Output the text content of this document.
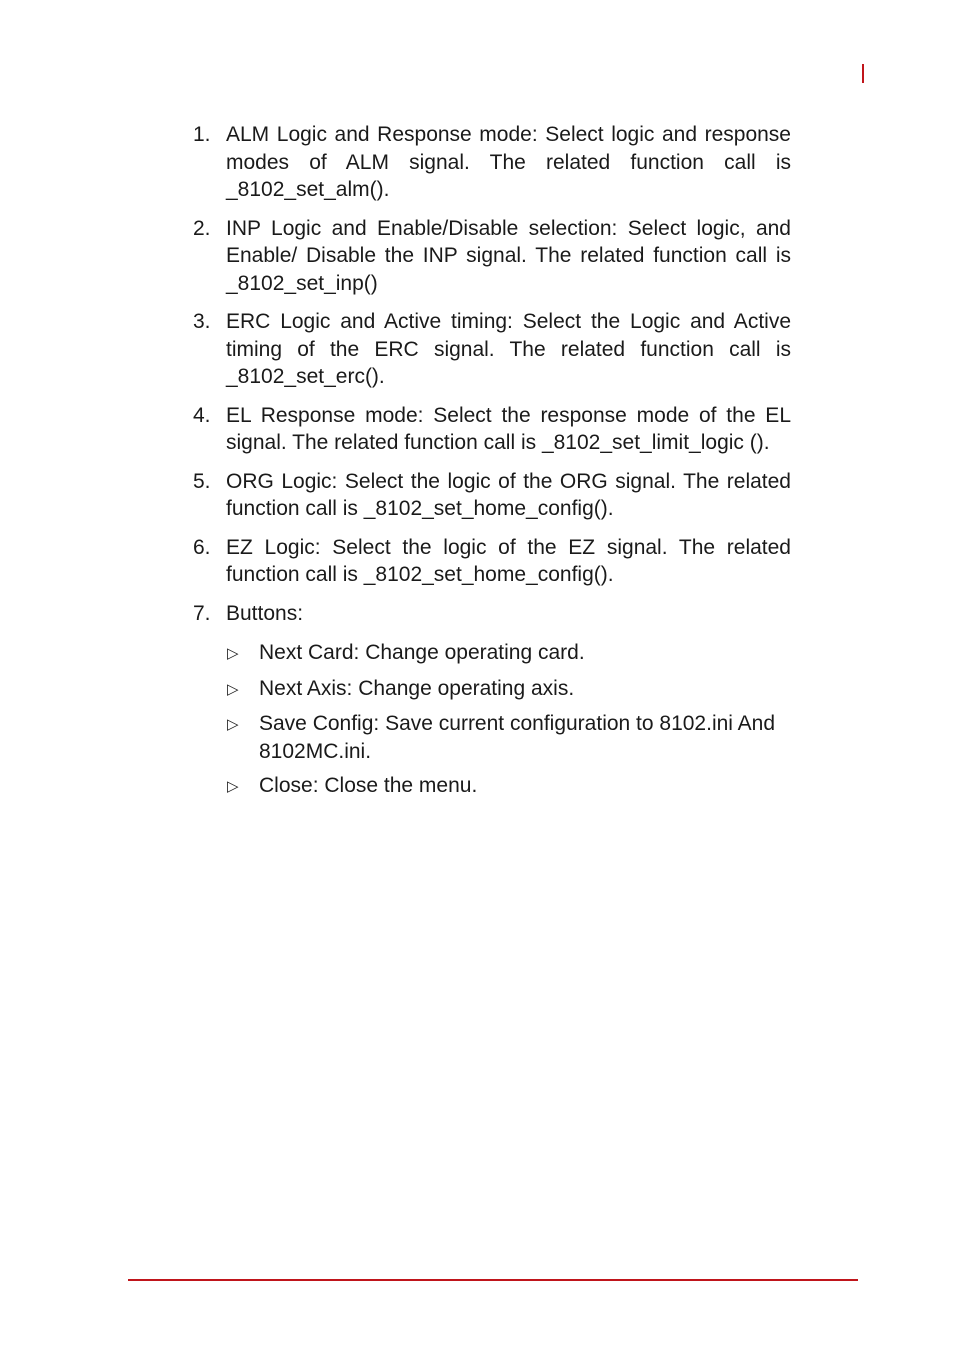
1. ALM Logic and Response mode: Select logic and response modes of ALM signal. The related function call is _8102_set_alm().
2. INP Logic and Enable/Disable selection: Select logic, and Enable/ Disable the INP signal. The related function call is _8102_set_inp()
3. ERC Logic and Active timing: Select the Logic and Active timing of the ERC signal. The related function call is _8102_set_erc().
4. EL Response mode: Select the response mode of the EL signal. The related function call is _8102_set_limit_logic ().
5. ORG Logic: Select the logic of the ORG signal. The related function call is _8102_set_home_config().
6. EZ Logic: Select the logic of the EZ signal. The related function call is _8102_set_home_config().
7. Buttons:
▷ Next Card: Change operating card.
▷ Next Axis: Change operating axis.
▷ Save Config: Save current configuration to 8102.ini And 8102MC.ini.
▷ Close: Close the menu.
